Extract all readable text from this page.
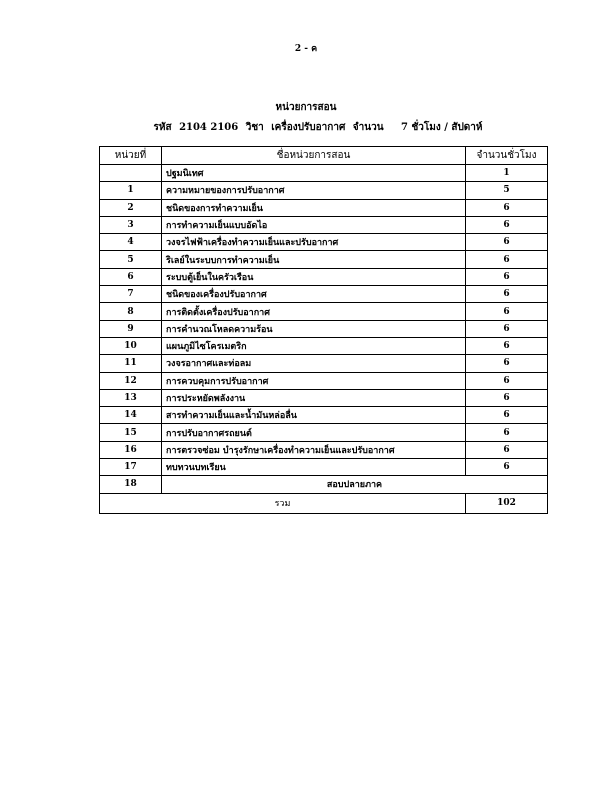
2 - ค
หน่วยการสอน
รหัส 2104 2106 วิชา เครื่องปรับอากาศ จำนวน 7 ชั่วโมง / สัปดาห์
หน่วยที่	ชื่อหน่วยการสอน	จำนวนชั่วโมง
	ปฐมนิเทศ	1
1	ความหมายของการปรับอากาศ	5
2	ชนิดของการทำความเย็น	6
3	การทำความเย็นแบบอัดไอ	6
4	วงจรไฟฟ้าเครื่องทำความเย็นและปรับอากาศ	6
5	ริเลย์ในระบบการทำความเย็น	6
6	ระบบตู้เย็นในครัวเรือน	6
7	ชนิดของเครื่องปรับอากาศ	6
8	การติดตั้งเครื่องปรับอากาศ	6
9	การคำนวณโหลดความร้อน	6
10	แผนภูมิไซโครเมตริก	6
11	วงจรอากาศและท่อลม	6
12	การควบคุมการปรับอากาศ	6
13	การประหยัดพลังงาน	6
14	สารทำความเย็นและน้ำมันหล่อลื่น	6
15	การปรับอากาศรถยนต์	6
16	การตรวจซ่อม บำรุงรักษาเครื่องทำความเย็นและปรับอากาศ	6
17	ทบทวนบทเรียน	6
18	สอบปลายภาค	
รวม		102
